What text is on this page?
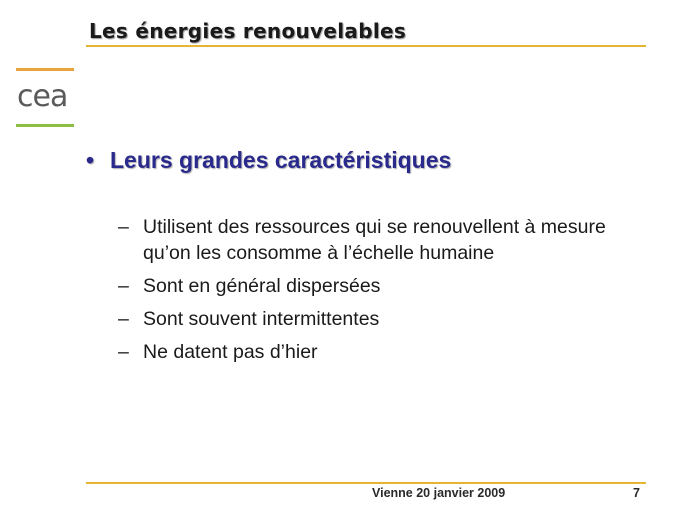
Les énergies renouvelables
cea
• Leurs grandes caractéristiques
– Utilisent des ressources qui se renouvellent à mesure qu’on les consomme à l’échelle humaine
– Sont en général dispersées
– Sont souvent intermittentes
– Ne datent pas d’hier
Vienne 20 janvier 2009	7
